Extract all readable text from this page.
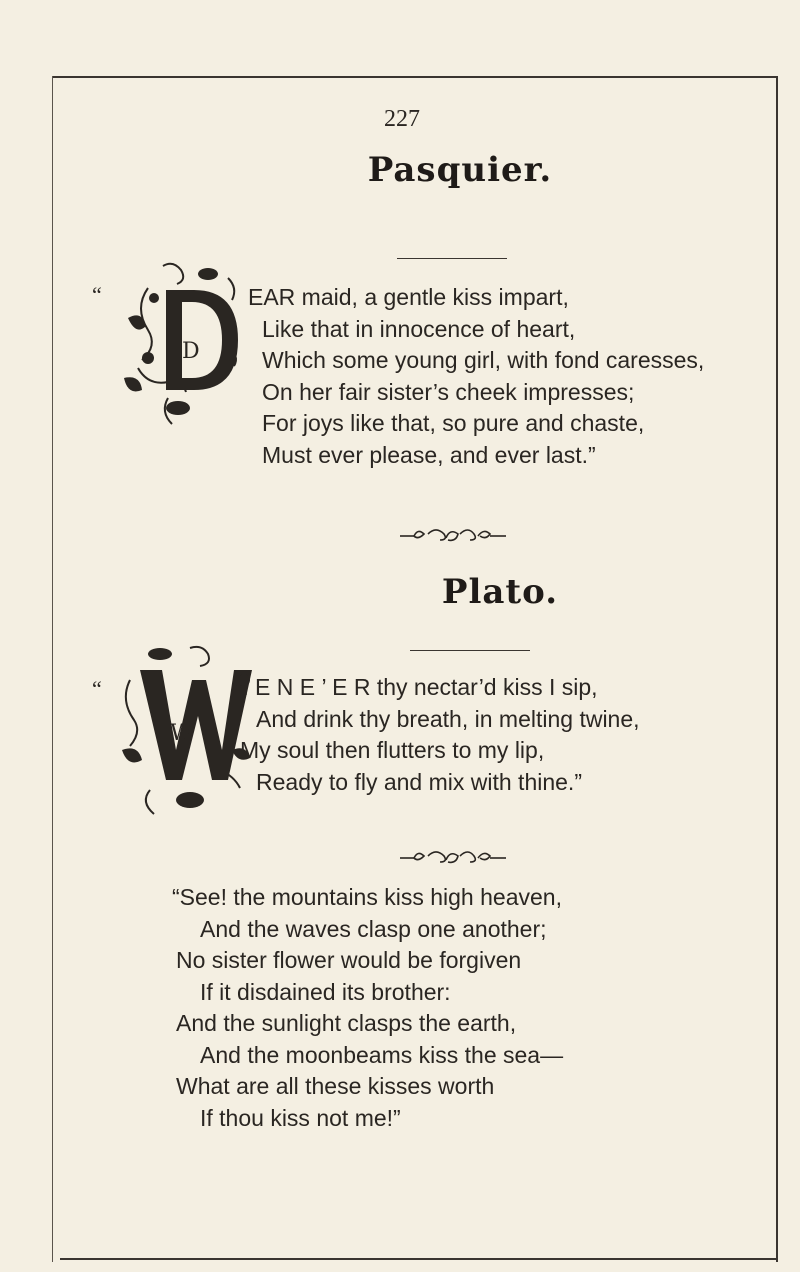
227
Pasquier.
“
D
EAR maid, a gentle kiss impart,
Like that in innocence of heart,
Which some young girl, with fond caresses,
On her fair sister’s cheek impresses;
For joys like that, so pure and chaste,
Must ever please, and ever last.”
Plato.
“
W
H E N E ’ E R thy nectar’d kiss I sip,
And drink thy breath, in melting twine,
My soul then flutters to my lip,
Ready to fly and mix with thine.”
“See! the mountains kiss high heaven,
And the waves clasp one another;
No sister flower would be forgiven
If it disdained its brother:
And the sunlight clasps the earth,
And the moonbeams kiss the sea—
What are all these kisses worth
If thou kiss not me!”
